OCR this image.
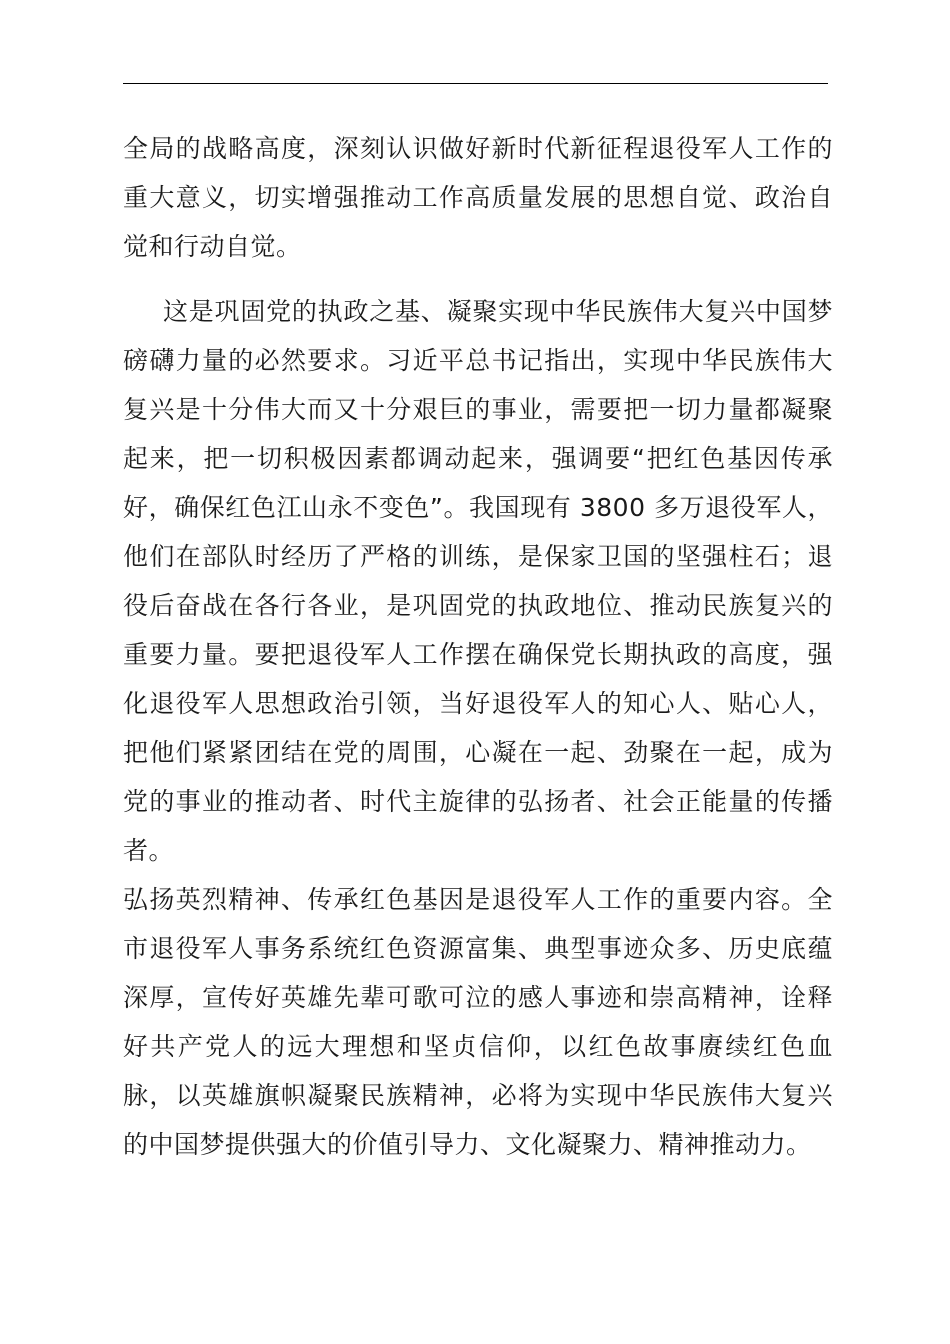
全局的战略高度，深刻认识做好新时代新征程退役军人工作的重大意义，切实增强推动工作高质量发展的思想自觉、政治自觉和行动自觉。

这是巩固党的执政之基、凝聚实现中华民族伟大复兴中国梦磅礴力量的必然要求。习近平总书记指出，实现中华民族伟大复兴是十分伟大而又十分艰巨的事业，需要把一切力量都凝聚起来，把一切积极因素都调动起来，强调要“把红色基因传承好，确保红色江山永不变色”。我国现有 3800 多万退役军人，他们在部队时经历了严格的训练，是保家卫国的坚强柱石；退役后奋战在各行各业，是巩固党的执政地位、推动民族复兴的重要力量。要把退役军人工作摆在确保党长期执政的高度，强化退役军人思想政治引领，当好退役军人的知心人、贴心人，把他们紧紧团结在党的周围，心凝在一起、劲聚在一起，成为党的事业的推动者、时代主旋律的弘扬者、社会正能量的传播者。

弘扬英烈精神、传承红色基因是退役军人工作的重要内容。全市退役军人事务系统红色资源富集、典型事迹众多、历史底蕴深厚，宣传好英雄先辈可歌可泣的感人事迹和崇高精神，诠释好共产党人的远大理想和坚贞信仰，以红色故事赓续红色血脉，以英雄旗帜凝聚民族精神，必将为实现中华民族伟大复兴的中国梦提供强大的价值引导力、文化凝聚力、精神推动力。
